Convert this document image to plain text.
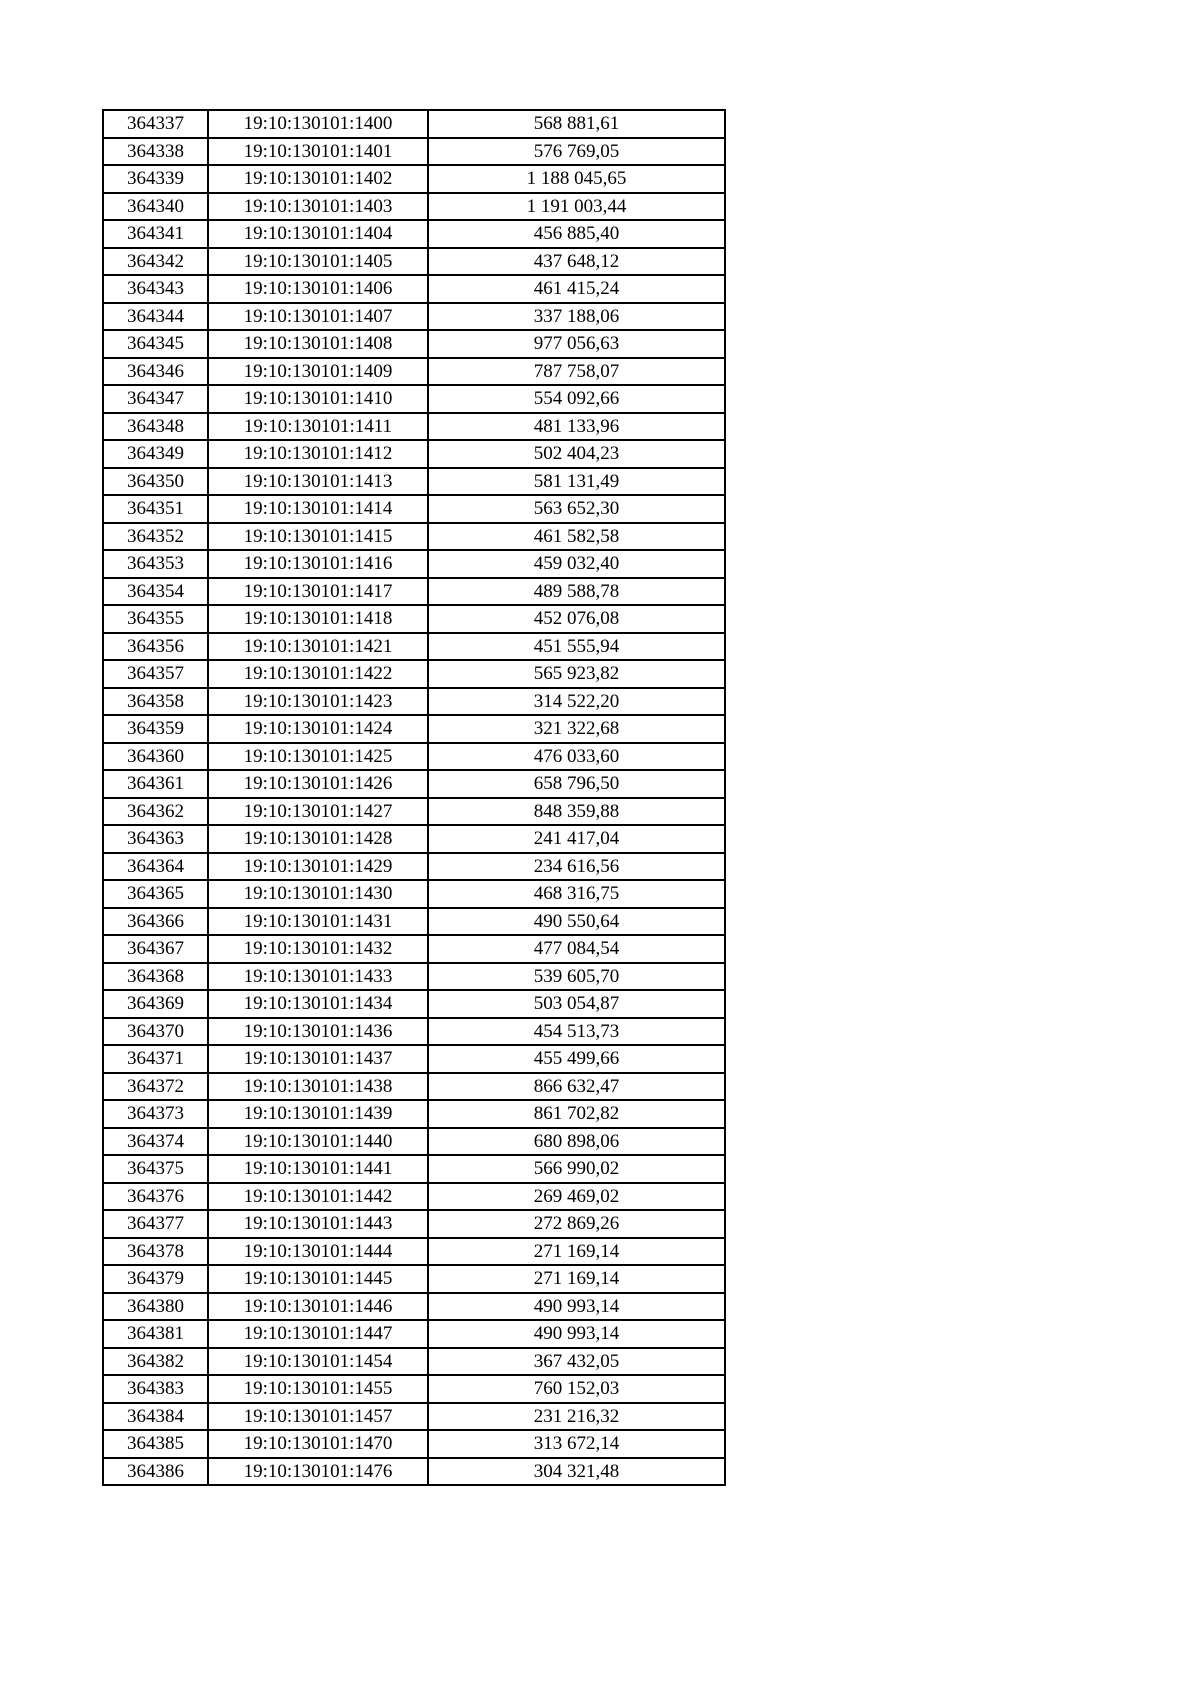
364337	19:10:130101:1400	568 881,61
364338	19:10:130101:1401	576 769,05
364339	19:10:130101:1402	1 188 045,65
364340	19:10:130101:1403	1 191 003,44
364341	19:10:130101:1404	456 885,40
364342	19:10:130101:1405	437 648,12
364343	19:10:130101:1406	461 415,24
364344	19:10:130101:1407	337 188,06
364345	19:10:130101:1408	977 056,63
364346	19:10:130101:1409	787 758,07
364347	19:10:130101:1410	554 092,66
364348	19:10:130101:1411	481 133,96
364349	19:10:130101:1412	502 404,23
364350	19:10:130101:1413	581 131,49
364351	19:10:130101:1414	563 652,30
364352	19:10:130101:1415	461 582,58
364353	19:10:130101:1416	459 032,40
364354	19:10:130101:1417	489 588,78
364355	19:10:130101:1418	452 076,08
364356	19:10:130101:1421	451 555,94
364357	19:10:130101:1422	565 923,82
364358	19:10:130101:1423	314 522,20
364359	19:10:130101:1424	321 322,68
364360	19:10:130101:1425	476 033,60
364361	19:10:130101:1426	658 796,50
364362	19:10:130101:1427	848 359,88
364363	19:10:130101:1428	241 417,04
364364	19:10:130101:1429	234 616,56
364365	19:10:130101:1430	468 316,75
364366	19:10:130101:1431	490 550,64
364367	19:10:130101:1432	477 084,54
364368	19:10:130101:1433	539 605,70
364369	19:10:130101:1434	503 054,87
364370	19:10:130101:1436	454 513,73
364371	19:10:130101:1437	455 499,66
364372	19:10:130101:1438	866 632,47
364373	19:10:130101:1439	861 702,82
364374	19:10:130101:1440	680 898,06
364375	19:10:130101:1441	566 990,02
364376	19:10:130101:1442	269 469,02
364377	19:10:130101:1443	272 869,26
364378	19:10:130101:1444	271 169,14
364379	19:10:130101:1445	271 169,14
364380	19:10:130101:1446	490 993,14
364381	19:10:130101:1447	490 993,14
364382	19:10:130101:1454	367 432,05
364383	19:10:130101:1455	760 152,03
364384	19:10:130101:1457	231 216,32
364385	19:10:130101:1470	313 672,14
364386	19:10:130101:1476	304 321,48
